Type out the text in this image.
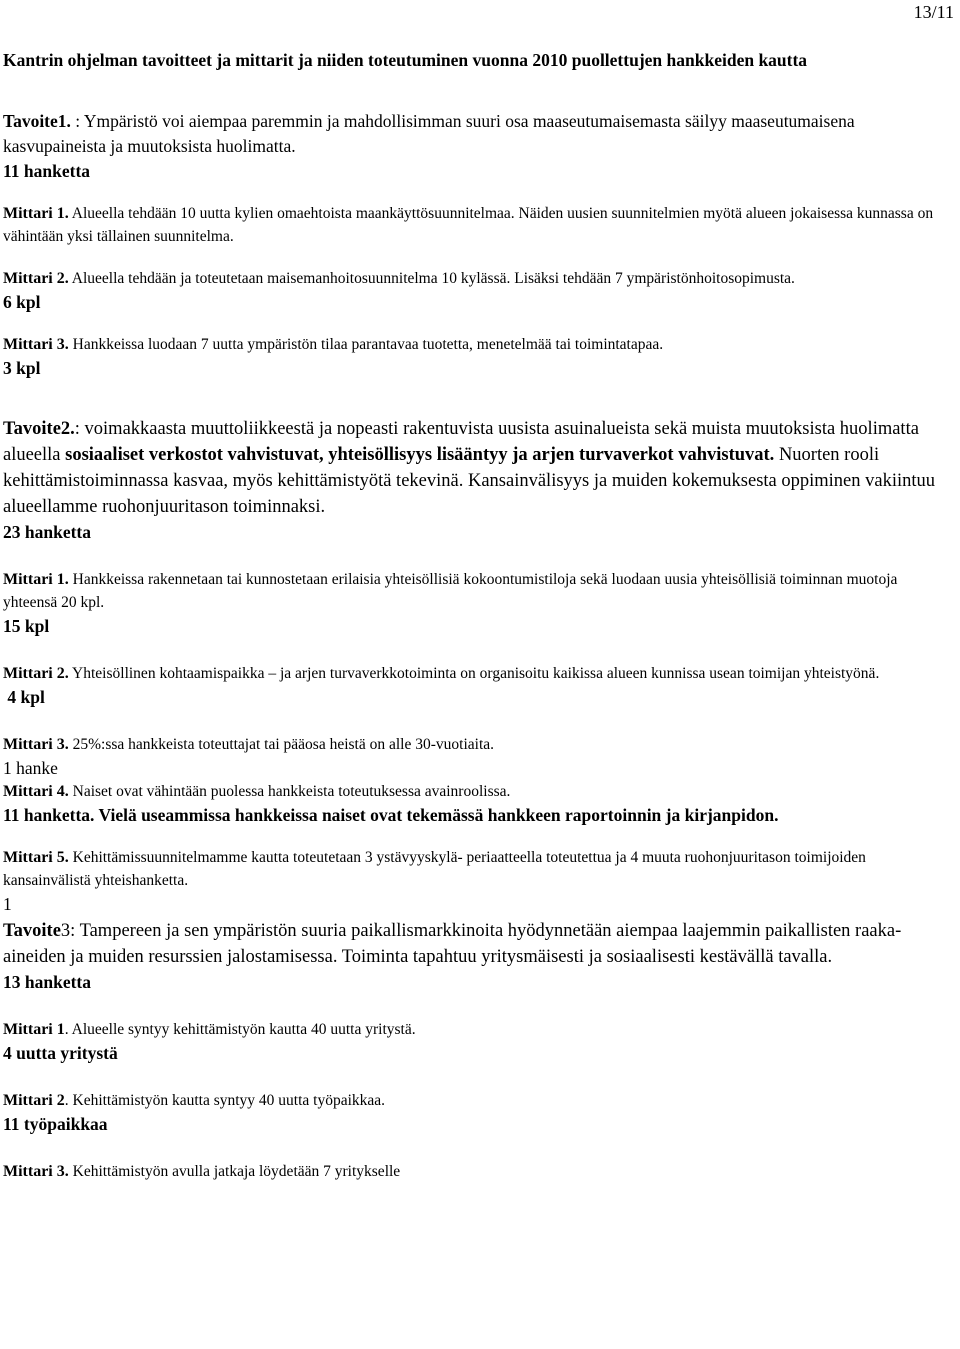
13/11
Kantrin ohjelman tavoitteet ja mittarit ja niiden toteutuminen vuonna 2010 puollettujen hankkeiden kautta

Tavoite1. : Ympäristö voi aiempaa paremmin ja mahdollisimman suuri osa maaseutumaisemasta säilyy maaseutumaisena kasvupaineista ja muutoksista huolimatta.

11 hanketta

Mittari 1. Alueella tehdään 10 uutta kylien omaehtoista maankäyttösuunnitelmaa. Näiden uusien suunnitelmien myötä alueen jokaisessa kunnassa on vähintään yksi tällainen suunnitelma.

Mittari 2. Alueella tehdään ja toteutetaan maisemanhoitosuunnitelma 10 kylässä. Lisäksi tehdään 7 ympäristönhoitosopimusta.

6 kpl

Mittari 3. Hankkeissa luodaan 7 uutta ympäristön tilaa parantavaa tuotetta, menetelmää tai toimintatapaa.

3 kpl

Tavoite2.: voimakkaasta muuttoliikkeestä ja nopeasti rakentuvista uusista asuinalueista sekä muista muutoksista huolimatta alueella sosiaaliset verkostot vahvistuvat, yhteisöllisyys lisääntyy ja arjen turvaverkot vahvistuvat. Nuorten rooli kehittämistoiminnassa kasvaa, myös kehittämistyötä tekevinä. Kansainvälisyys ja muiden kokemuksesta oppiminen vakiintuu alueellamme ruohonjuuritason toiminnaksi.

23 hanketta

Mittari 1. Hankkeissa rakennetaan tai kunnostetaan erilaisia yhteisöllisiä kokoontumistiloja sekä luodaan uusia yhteisöllisiä toiminnan muotoja yhteensä 20 kpl.

15 kpl

Mittari 2. Yhteisöllinen kohtaamispaikka – ja arjen turvaverkkotoiminta on organisoitu kaikissa alueen kunnissa usean toimijan yhteistyönä.

4 kpl

Mittari 3. 25%:ssa hankkeista toteuttajat tai pääosa heistä on alle 30-vuotiaita.

1 hanke

Mittari 4. Naiset ovat vähintään puolessa hankkeista toteutuksessa avainroolissa.

11 hanketta. Vielä useammissa hankkeissa naiset ovat tekemässä hankkeen raportoinnin ja kirjanpidon.

Mittari 5. Kehittämissuunnitelmamme kautta toteutetaan 3 ystävyyskylä- periaatteella toteutettua ja 4 muuta ruohonjuuritason toimijoiden kansainvälistä yhteishanketta.

1

Tavoite3: Tampereen ja sen ympäristön suuria paikallismarkkinoita hyödynnetään aiempaa laajemmin paikallisten raaka-aineiden ja muiden resurssien jalostamisessa. Toiminta tapahtuu yritysmäisesti ja sosiaalisesti kestävällä tavalla.

13 hanketta

Mittari 1. Alueelle syntyy kehittämistyön kautta 40 uutta yritystä.

4 uutta yritystä

Mittari 2. Kehittämistyön kautta syntyy 40 uutta työpaikkaa.

11 työpaikkaa

Mittari 3. Kehittämistyön avulla jatkaja löydetään 7 yritykselle
